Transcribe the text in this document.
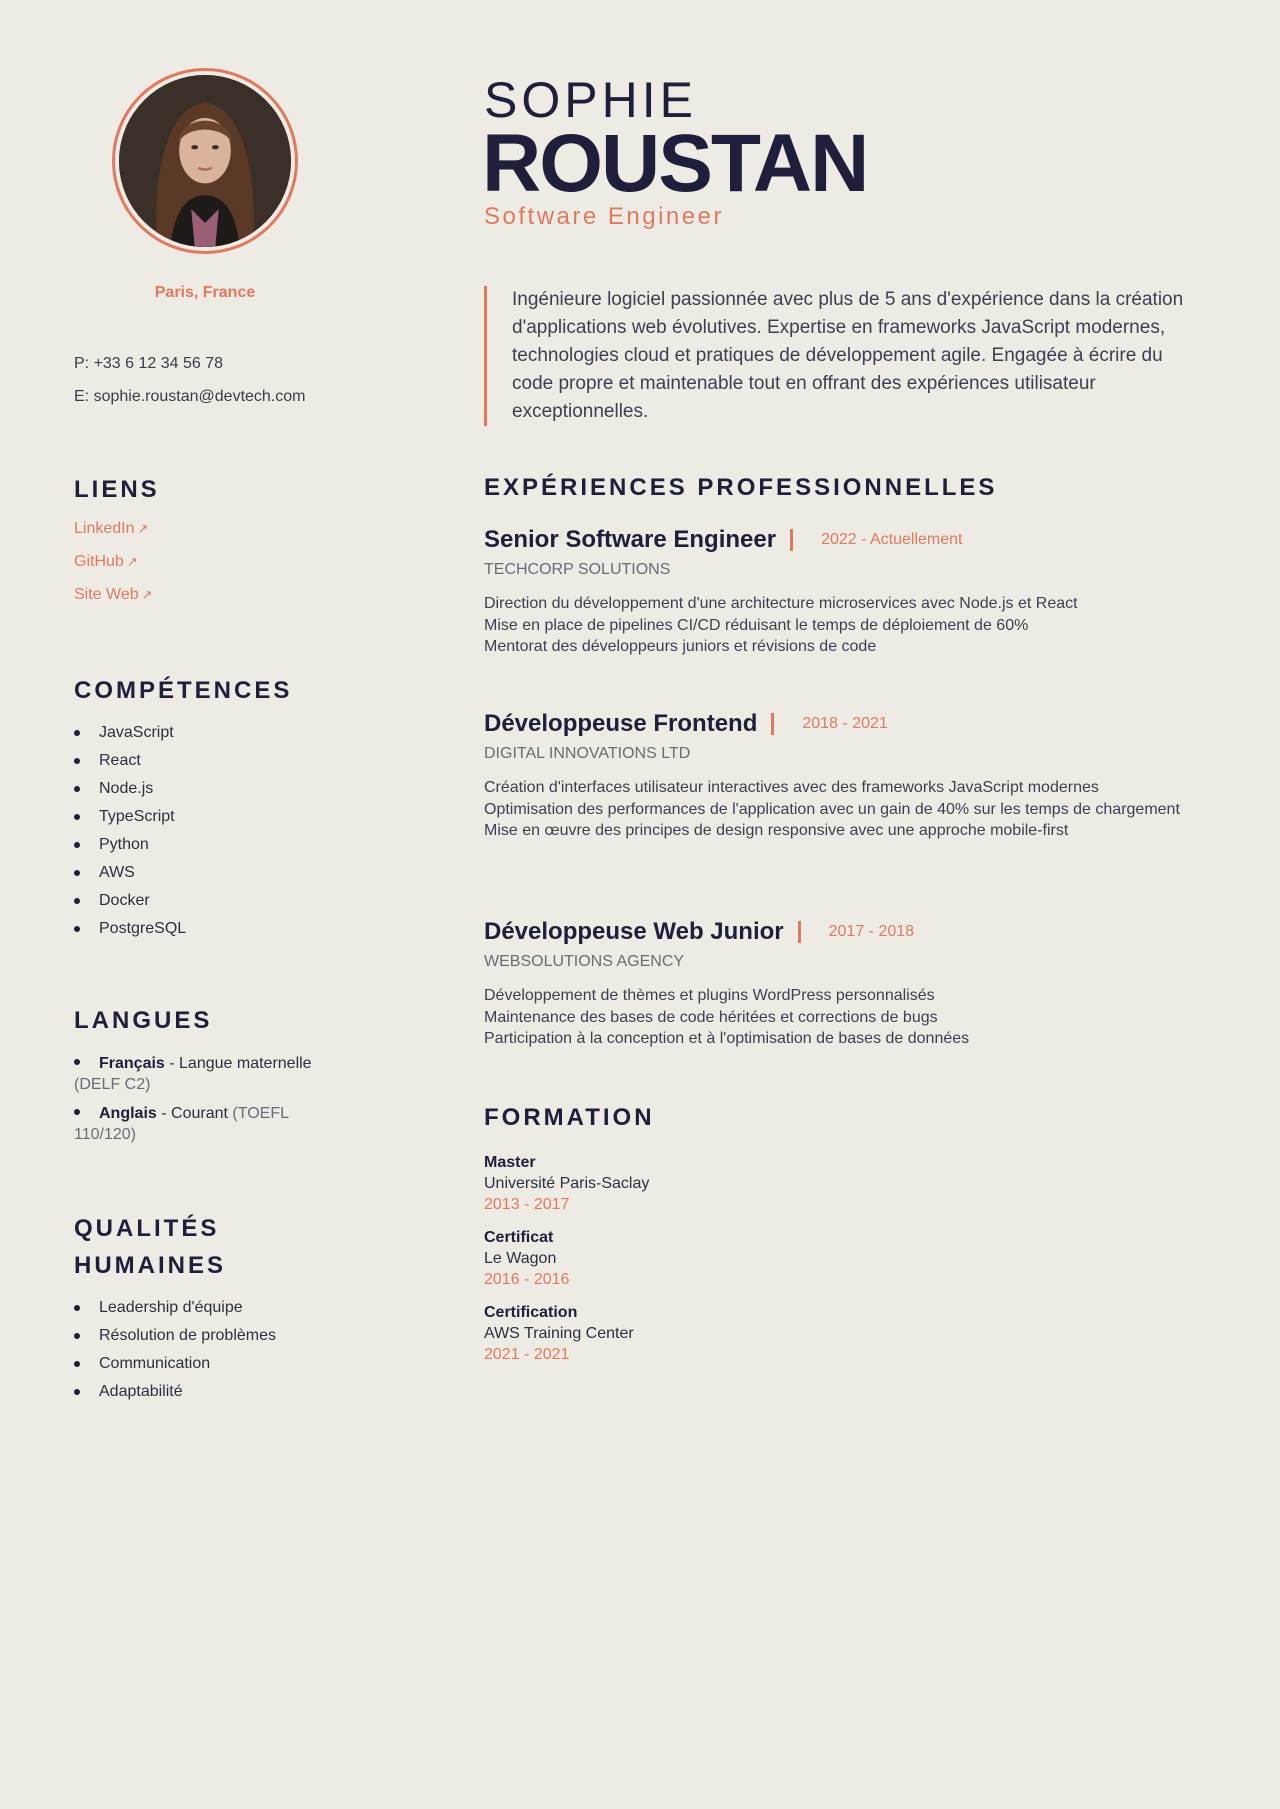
Paris, France
P: +33 6 12 34 56 78
E: sophie.roustan@devtech.com
LIENS
LinkedIn ↗
GitHub ↗
Site Web ↗
COMPÉTENCES
JavaScript
React
Node.js
TypeScript
Python
AWS
Docker
PostgreSQL
LANGUES
Français - Langue maternelle (DELF C2)
Anglais - Courant (TOEFL 110/120)
QUALITÉS HUMAINES
Leadership d'équipe
Résolution de problèmes
Communication
Adaptabilité
SOPHIE
ROUSTAN
Software Engineer
Ingénieure logiciel passionnée avec plus de 5 ans d'expérience dans la création d'applications web évolutives. Expertise en frameworks JavaScript modernes, technologies cloud et pratiques de développement agile. Engagée à écrire du code propre et maintenable tout en offrant des expériences utilisateur exceptionnelles.
EXPÉRIENCES PROFESSIONNELLES
Senior Software Engineer	2022 - Actuellement
TECHCORP SOLUTIONS
Direction du développement d'une architecture microservices avec Node.js et React
Mise en place de pipelines CI/CD réduisant le temps de déploiement de 60%
Mentorat des développeurs juniors et révisions de code
Développeuse Frontend	2018 - 2021
DIGITAL INNOVATIONS LTD
Création d'interfaces utilisateur interactives avec des frameworks JavaScript modernes
Optimisation des performances de l'application avec un gain de 40% sur les temps de chargement
Mise en œuvre des principes de design responsive avec une approche mobile-first
Développeuse Web Junior	2017 - 2018
WEBSOLUTIONS AGENCY
Développement de thèmes et plugins WordPress personnalisés
Maintenance des bases de code héritées et corrections de bugs
Participation à la conception et à l'optimisation de bases de données
FORMATION
Master
Université Paris-Saclay
2013 - 2017
Certificat
Le Wagon
2016 - 2016
Certification
AWS Training Center
2021 - 2021
